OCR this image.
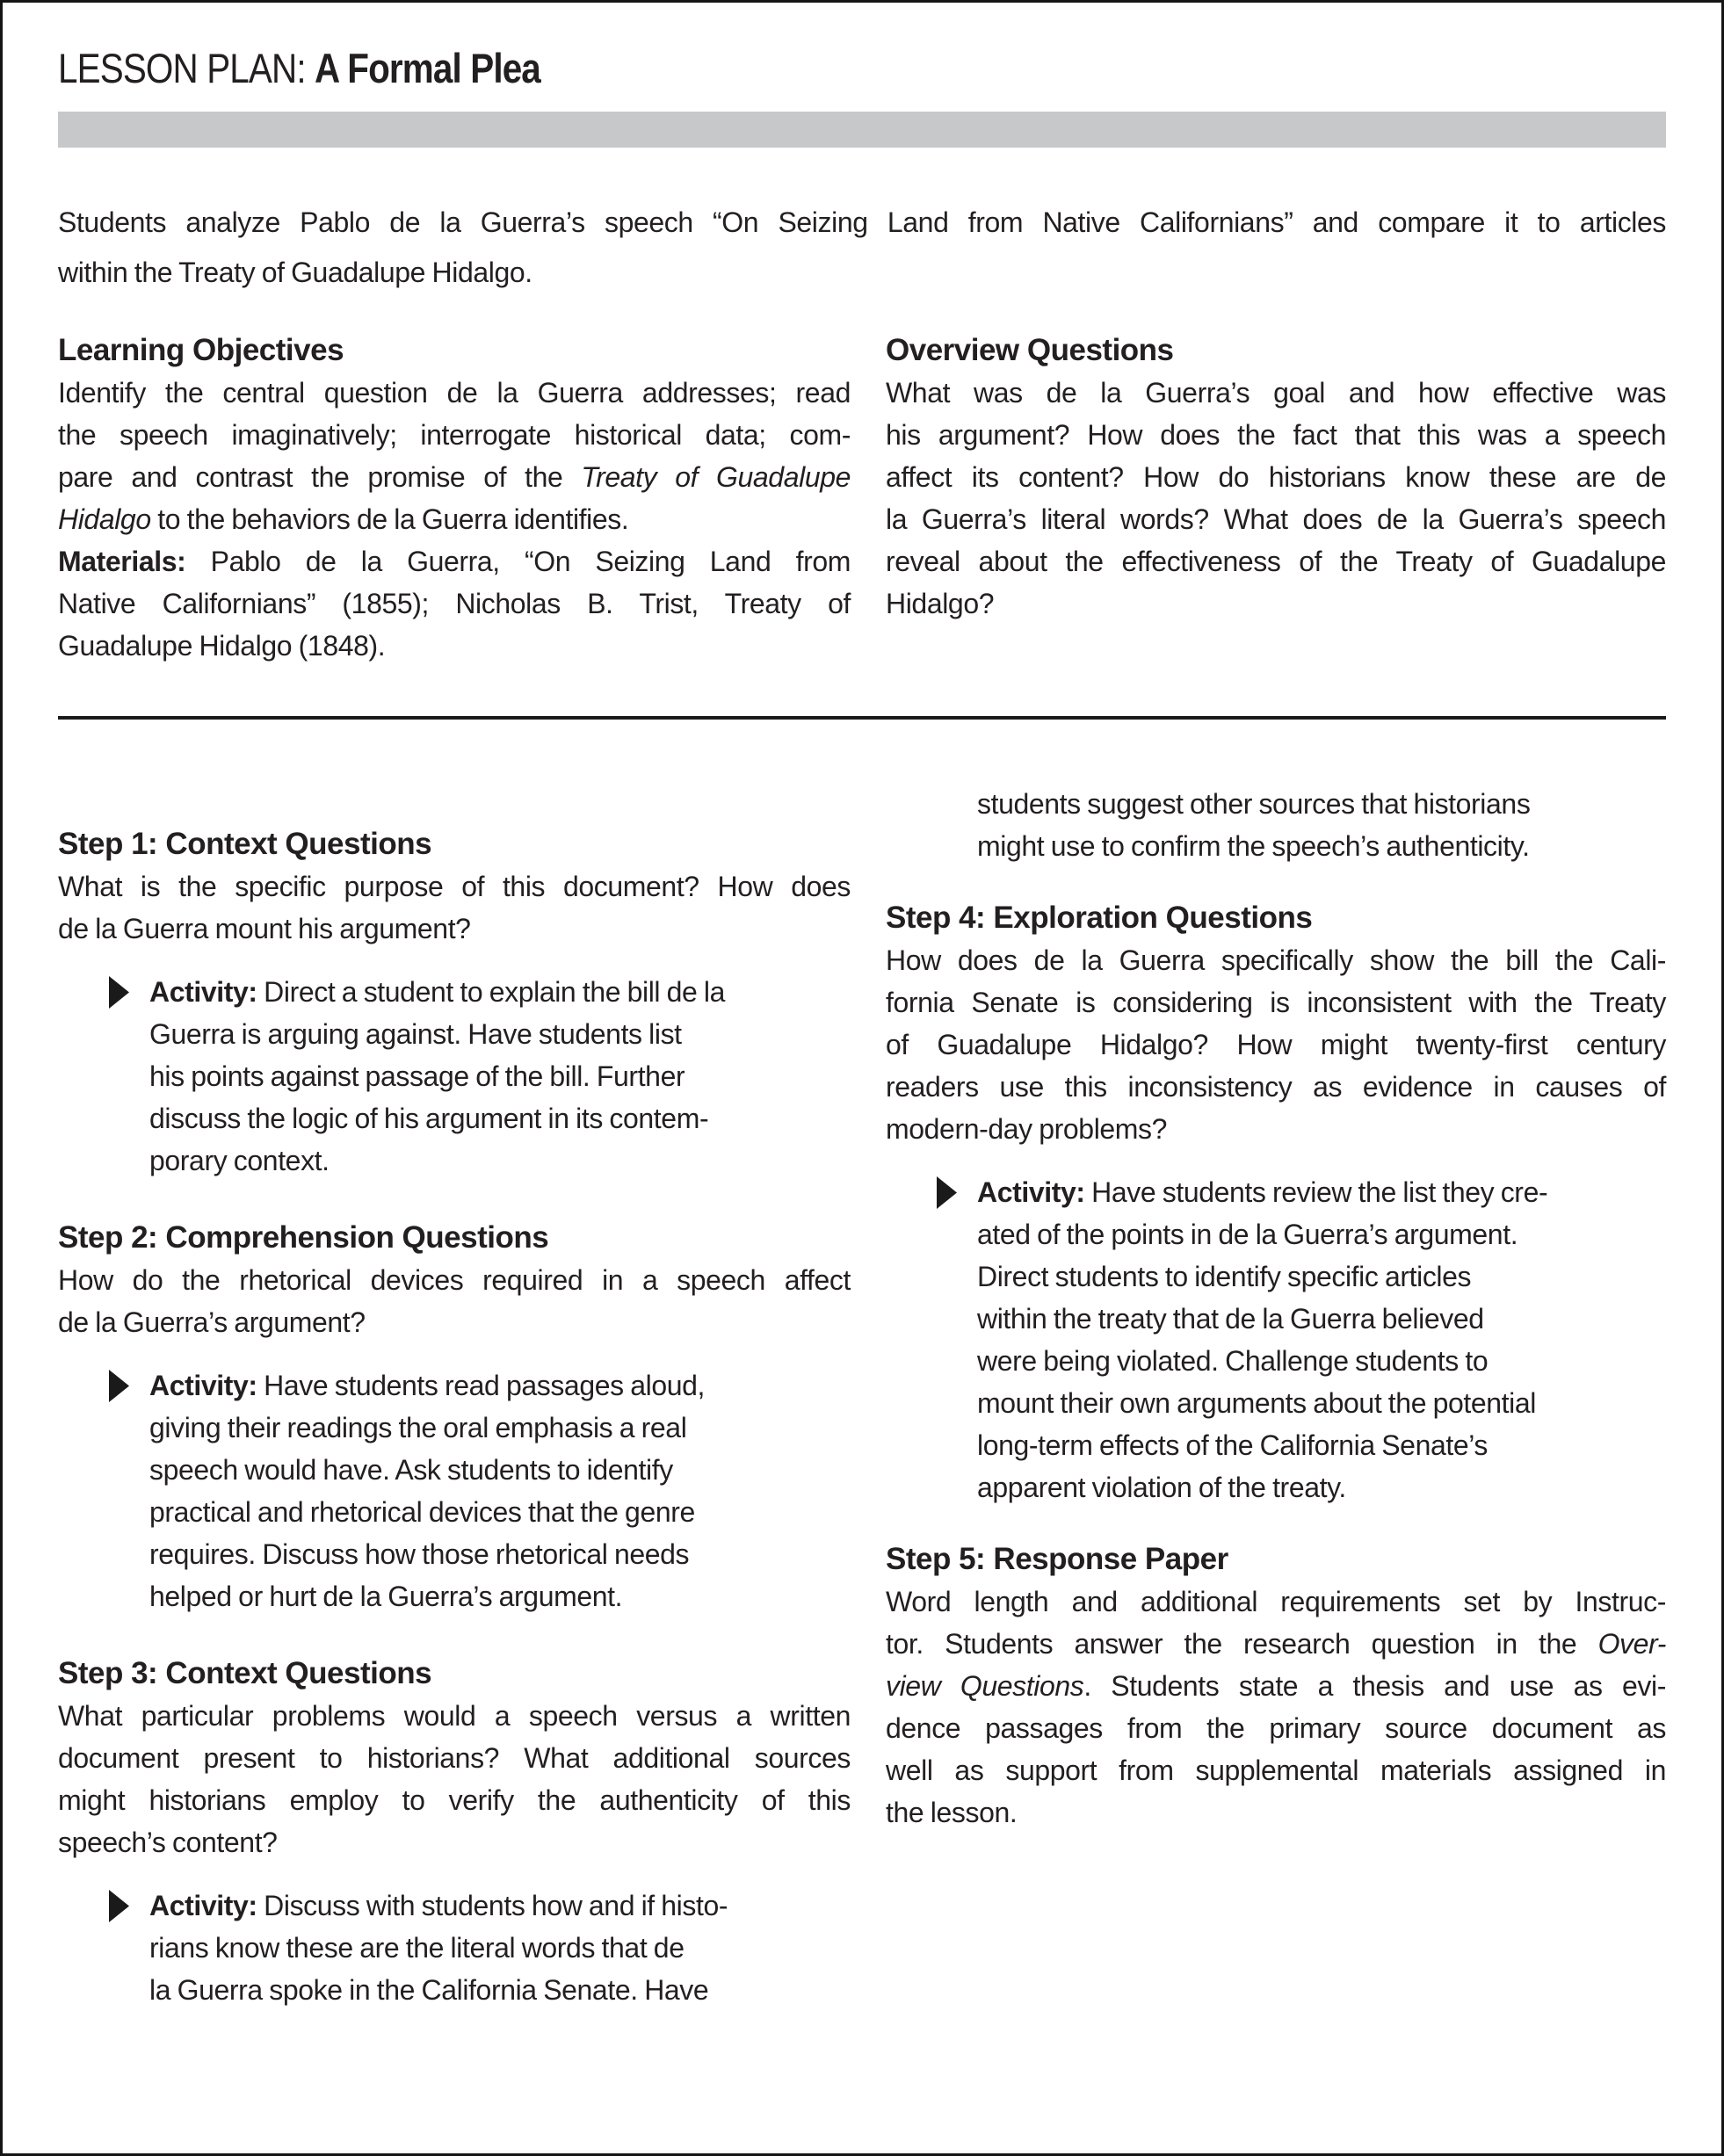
LESSON PLAN: A Formal Plea
Students analyze Pablo de la Guerra’s speech “On Seizing Land from Native Californians” and compare it to articles
within the Treaty of Guadalupe Hidalgo.
Learning Objectives
Identify the central question de la Guerra addresses; read
the speech imaginatively; interrogate historical data; com-
pare and contrast the promise of the Treaty of Guadalupe
Hidalgo to the behaviors de la Guerra identifies.
Materials: Pablo de la Guerra, “On Seizing Land from
Native Californians” (1855); Nicholas B. Trist, Treaty of
Guadalupe Hidalgo (1848).
Overview Questions
What was de la Guerra’s goal and how effective was
his argument? How does the fact that this was a speech
affect its content? How do historians know these are de
la Guerra’s literal words? What does de la Guerra’s speech
reveal about the effectiveness of the Treaty of Guadalupe
Hidalgo?
Step 1: Context Questions
What is the specific purpose of this document? How does
de la Guerra mount his argument?
Activity: Direct a student to explain the bill de la
Guerra is arguing against. Have students list
his points against passage of the bill. Further
discuss the logic of his argument in its contem-
porary context.
Step 2: Comprehension Questions
How do the rhetorical devices required in a speech affect
de la Guerra’s argument?
Activity: Have students read passages aloud,
giving their readings the oral emphasis a real
speech would have. Ask students to identify
practical and rhetorical devices that the genre
requires. Discuss how those rhetorical needs
helped or hurt de la Guerra’s argument.
Step 3: Context Questions
What particular problems would a speech versus a written
document present to historians? What additional sources
might historians employ to verify the authenticity of this
speech’s content?
Activity: Discuss with students how and if histo-
rians know these are the literal words that de
la Guerra spoke in the California Senate. Have
students suggest other sources that historians
might use to confirm the speech’s authenticity.
Step 4: Exploration Questions
How does de la Guerra specifically show the bill the Cali-
fornia Senate is considering is inconsistent with the Treaty
of Guadalupe Hidalgo? How might twenty-first century
readers use this inconsistency as evidence in causes of
modern-day problems?
Activity: Have students review the list they cre-
ated of the points in de la Guerra’s argument.
Direct students to identify specific articles
within the treaty that de la Guerra believed
were being violated. Challenge students to
mount their own arguments about the potential
long-term effects of the California Senate’s
apparent violation of the treaty.
Step 5: Response Paper
Word length and additional requirements set by Instruc-
tor. Students answer the research question in the Over-
view Questions. Students state a thesis and use as evi-
dence passages from the primary source document as
well as support from supplemental materials assigned in
the lesson.
